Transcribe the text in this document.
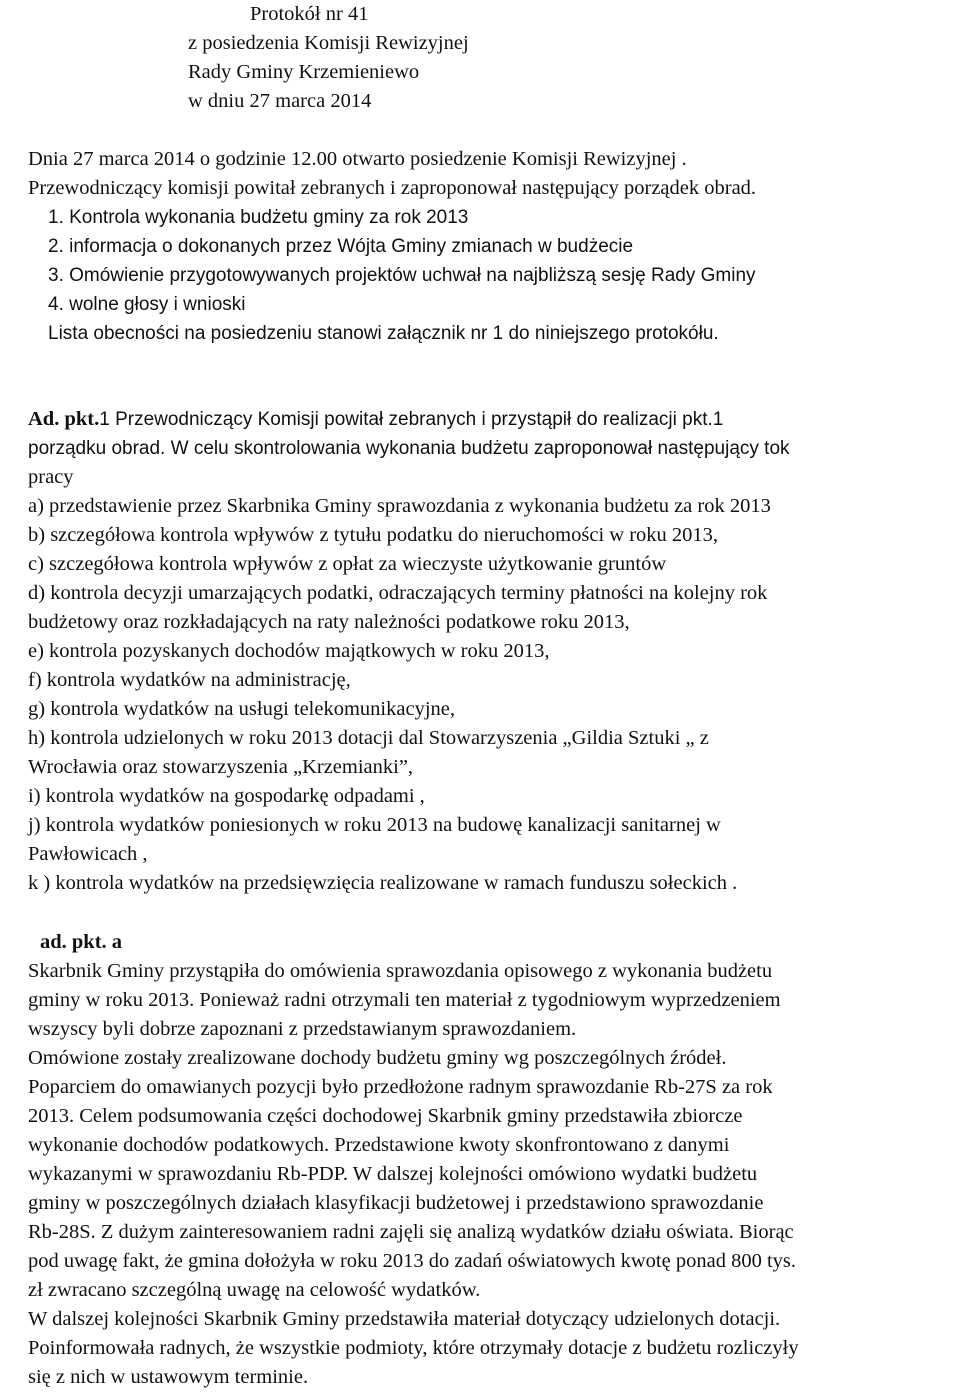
Protokół nr 41
z posiedzenia Komisji Rewizyjnej
Rady Gminy Krzemieniewo
w dniu 27 marca 2014
Dnia 27 marca 2014 o godzinie 12.00 otwarto posiedzenie Komisji Rewizyjnej .
Przewodniczący komisji powitał zebranych i zaproponował następujący porządek obrad.
1. Kontrola wykonania budżetu gminy za rok 2013
2. informacja o dokonanych przez Wójta Gminy zmianach w budżecie
3. Omówienie przygotowywanych projektów uchwał na najbliższą sesję Rady Gminy
4. wolne głosy i wnioski
Lista obecności na posiedzeniu stanowi załącznik nr 1 do niniejszego protokółu.
Ad. pkt.1 Przewodniczący Komisji powitał zebranych i przystąpił do realizacji pkt.1
porządku obrad. W celu skontrolowania wykonania budżetu zaproponował następujący tok
pracy
a) przedstawienie przez Skarbnika Gminy sprawozdania z wykonania budżetu za rok 2013
b) szczegółowa kontrola wpływów z tytułu podatku do nieruchomości w roku 2013,
c) szczegółowa kontrola wpływów z opłat za wieczyste użytkowanie gruntów
d) kontrola decyzji umarzających podatki, odraczających terminy płatności na kolejny rok
budżetowy oraz rozkładających na raty należności podatkowe roku 2013,
e) kontrola pozyskanych dochodów majątkowych w roku 2013,
f) kontrola wydatków na administrację,
g) kontrola wydatków na usługi telekomunikacyjne,
h) kontrola udzielonych w roku 2013 dotacji dal Stowarzyszenia „Gildia Sztuki „ z
Wrocławia oraz stowarzyszenia „Krzemianki”,
i) kontrola wydatków na gospodarkę odpadami ,
j) kontrola wydatków poniesionych w roku 2013 na budowę kanalizacji sanitarnej w
Pawłowicach ,
k ) kontrola wydatków na przedsięwzięcia realizowane w ramach funduszu sołeckich .
ad. pkt. a
Skarbnik Gminy przystąpiła do omówienia sprawozdania opisowego z wykonania budżetu
gminy w roku 2013. Ponieważ radni otrzymali ten materiał z tygodniowym wyprzedzeniem
wszyscy byli dobrze zapoznani z przedstawianym sprawozdaniem.
Omówione zostały zrealizowane dochody budżetu gminy wg poszczególnych źródeł.
Poparciem do omawianych pozycji było przedłożone radnym sprawozdanie Rb-27S za rok
2013. Celem podsumowania części dochodowej Skarbnik gminy przedstawiła zbiorcze
wykonanie dochodów podatkowych. Przedstawione kwoty skonfrontowano z danymi
wykazanymi w sprawozdaniu Rb-PDP. W dalszej kolejności omówiono wydatki budżetu
gminy w poszczególnych działach klasyfikacji budżetowej i przedstawiono sprawozdanie
Rb-28S. Z dużym zainteresowaniem radni zajęli się analizą wydatków działu oświata. Biorąc
pod uwagę fakt, że gmina dołożyła w roku 2013 do zadań oświatowych kwotę ponad 800 tys.
zł zwracano szczególną uwagę na celowość wydatków.
W dalszej kolejności Skarbnik Gminy przedstawiła materiał dotyczący udzielonych dotacji.
Poinformowała radnych, że wszystkie podmioty, które otrzymały dotacje z budżetu rozliczyły
się z nich w ustawowym terminie.
